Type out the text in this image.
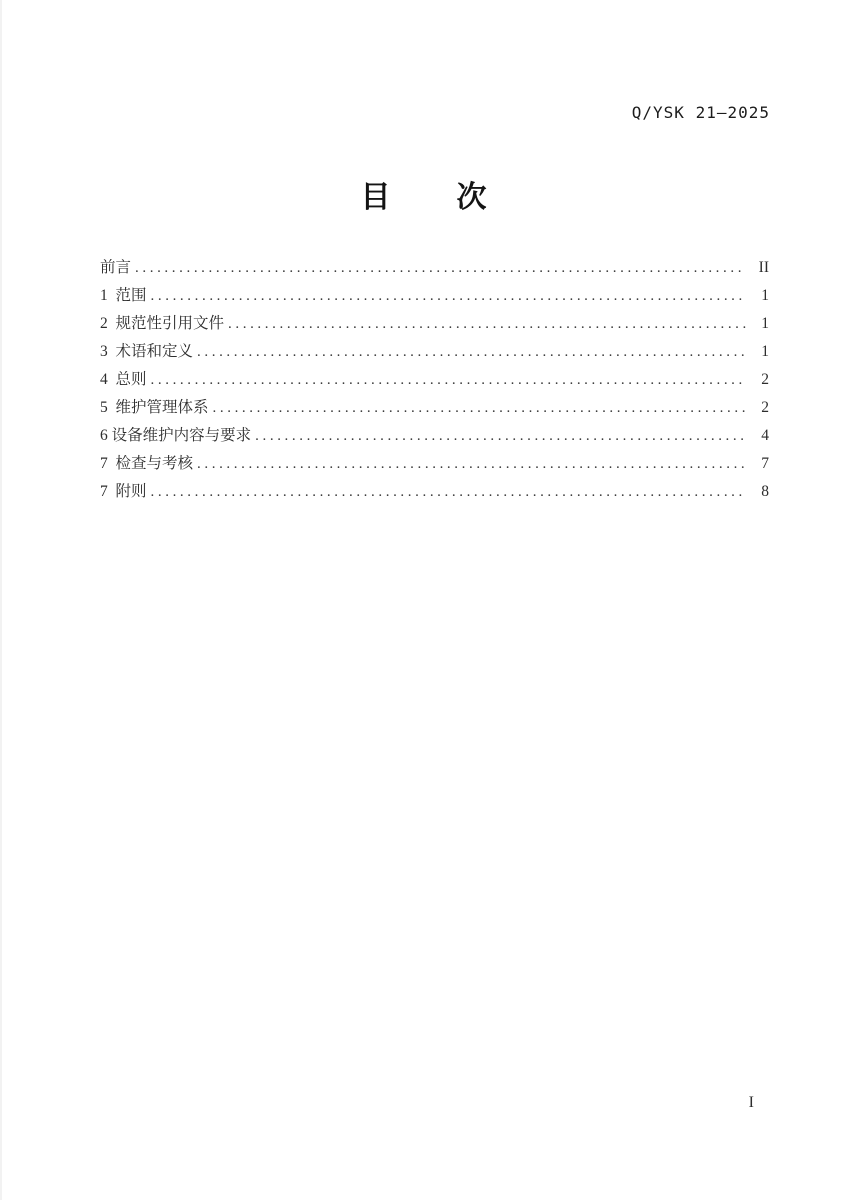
Q/YSK 21—2025
目　　次
前言 .....	II
1  范围 .....	1
2  规范性引用文件 .....	1
3  术语和定义 .....	1
4  总则 .....	2
5  维护管理体系 .....	2
6 设备维护内容与要求 .....	4
7  检查与考核 .....	7
7  附则 .....	8
I
